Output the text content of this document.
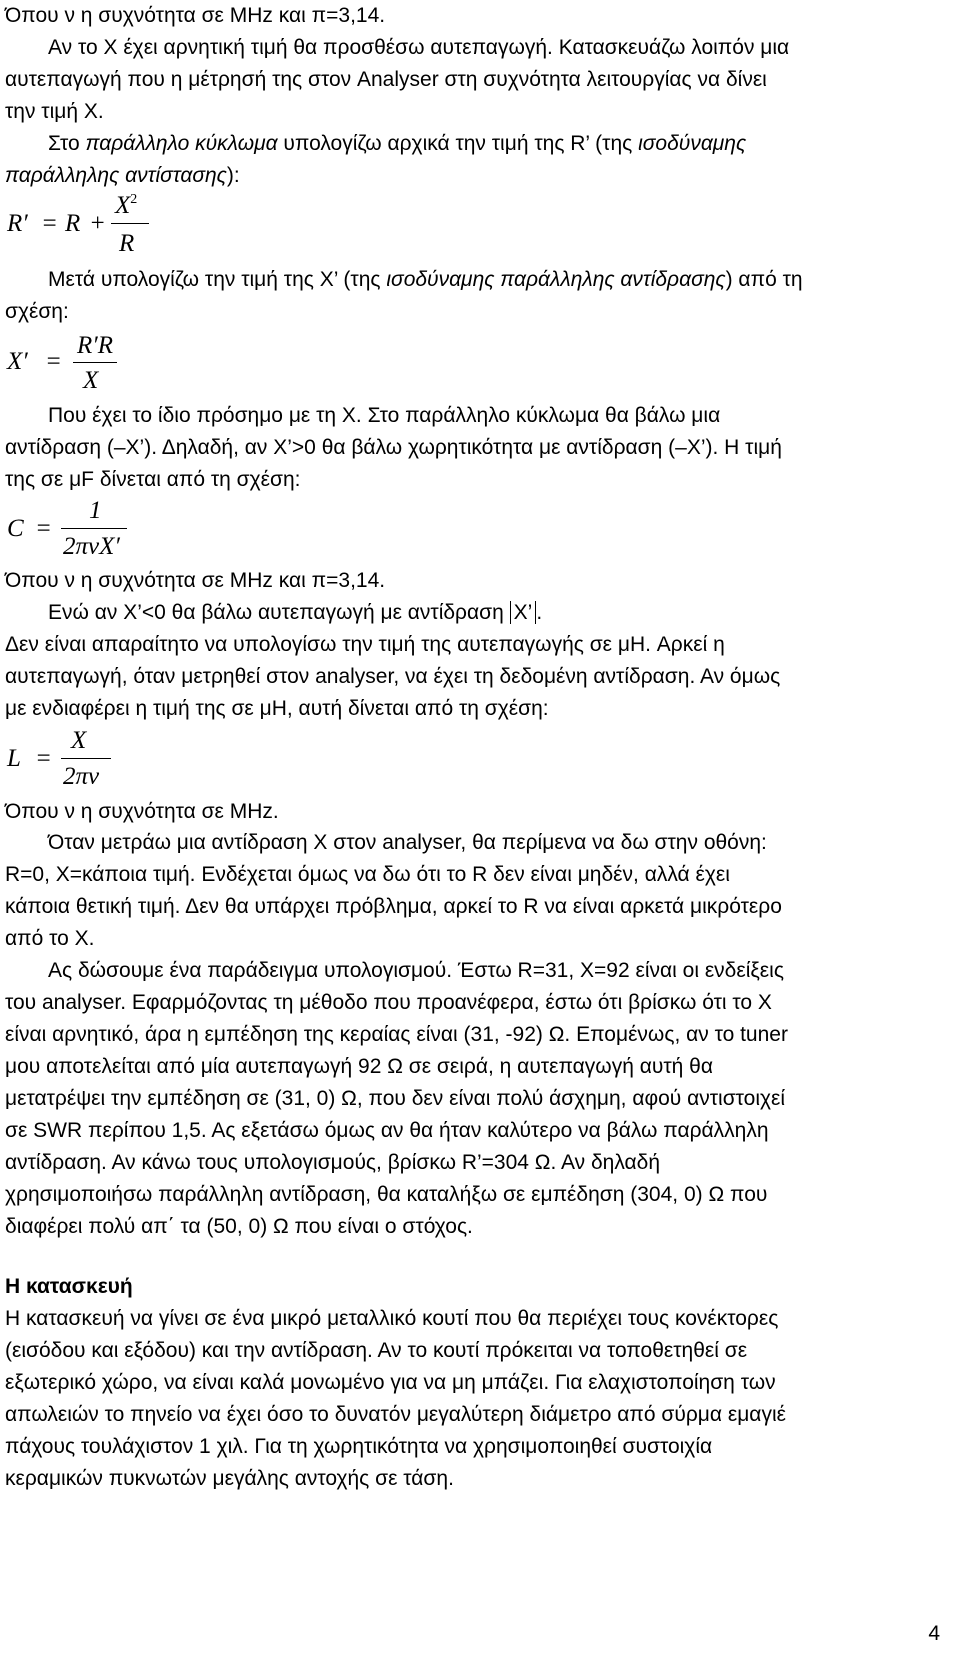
Όπου ν η συχνότητα σε MHz και π=3,14.
Αν το X έχει αρνητική τιμή θα προσθέσω αυτεπαγωγή. Κατασκευάζω λοιπόν μια
αυτεπαγωγή που η μέτρησή της στον Analyser στη συχνότητα λειτουργίας να δίνει
την τιμή X.
Στο παράλληλο κύκλωμα υπολογίζω αρχικά την τιμή της R’ (της ισοδύναμης
παράλληλης αντίστασης):
R′ = R +
$X^2$
R
Μετά υπολογίζω την τιμή της X’ (της ισοδύναμης παράλληλης αντίδρασης) από τη
σχέση:
X′ =
R′R
X
Που έχει το ίδιο πρόσημο με τη X. Στο παράλληλο κύκλωμα θα βάλω μια
αντίδραση (–X’). Δηλαδή, αν X’>0 θα βάλω χωρητικότητα με αντίδραση (–X’). Η τιμή
της σε μF δίνεται από τη σχέση:
C =
1
2πνX′
Όπου ν η συχνότητα σε MHz και π=3,14.
Ενώ αν X’<0 θα βάλω αυτεπαγωγή με αντίδραση X’ .
Δεν είναι απαραίτητο να υπολογίσω την τιμή της αυτεπαγωγής σε μH. Αρκεί η
αυτεπαγωγή, όταν μετρηθεί στον analyser, να έχει τη δεδομένη αντίδραση. Αν όμως
με ενδιαφέρει η τιμή της σε μH, αυτή δίνεται από τη σχέση:
L =
X
2πν
Όπου ν η συχνότητα σε MHz.
Όταν μετράω μια αντίδραση X στον analyser, θα περίμενα να δω στην οθόνη:
R=0, X=κάποια τιμή. Ενδέχεται όμως να δω ότι το R δεν είναι μηδέν, αλλά έχει
κάποια θετική τιμή. Δεν θα υπάρχει πρόβλημα, αρκεί το R να είναι αρκετά μικρότερο
από το X.
Ας δώσουμε ένα παράδειγμα υπολογισμού. Έστω R=31, X=92 είναι οι ενδείξεις
του analyser. Εφαρμόζοντας τη μέθοδο που προανέφερα, έστω ότι βρίσκω ότι το X
είναι αρνητικό, άρα η εμπέδηση της κεραίας είναι (31, -92) Ω. Επομένως, αν το tuner
μου αποτελείται από μία αυτεπαγωγή 92 Ω σε σειρά, η αυτεπαγωγή αυτή θα
μετατρέψει την εμπέδηση σε (31, 0) Ω, που δεν είναι πολύ άσχημη, αφού αντιστοιχεί
σε SWR περίπου 1,5. Ας εξετάσω όμως αν θα ήταν καλύτερο να βάλω παράλληλη
αντίδραση. Αν κάνω τους υπολογισμούς, βρίσκω R’=304 Ω. Αν δηλαδή
χρησιμοποιήσω παράλληλη αντίδραση, θα καταλήξω σε εμπέδηση (304, 0) Ω που
διαφέρει πολύ απ΄ τα (50, 0) Ω που είναι ο στόχος.
Η κατασκευή
Η κατασκευή να γίνει σε ένα μικρό μεταλλικό κουτί που θα περιέχει τους κονέκτορες
(εισόδου και εξόδου) και την αντίδραση. Αν το κουτί πρόκειται να τοποθετηθεί σε
εξωτερικό χώρο, να είναι καλά μονωμένο για να μη μπάζει. Για ελαχιστοποίηση των
απωλειών το πηνείο να έχει όσο το δυνατόν μεγαλύτερη διάμετρο από σύρμα εμαγιέ
πάχους τουλάχιστον 1 χιλ. Για τη χωρητικότητα να χρησιμοποιηθεί συστοιχία
κεραμικών πυκνωτών μεγάλης αντοχής σε τάση.
4
